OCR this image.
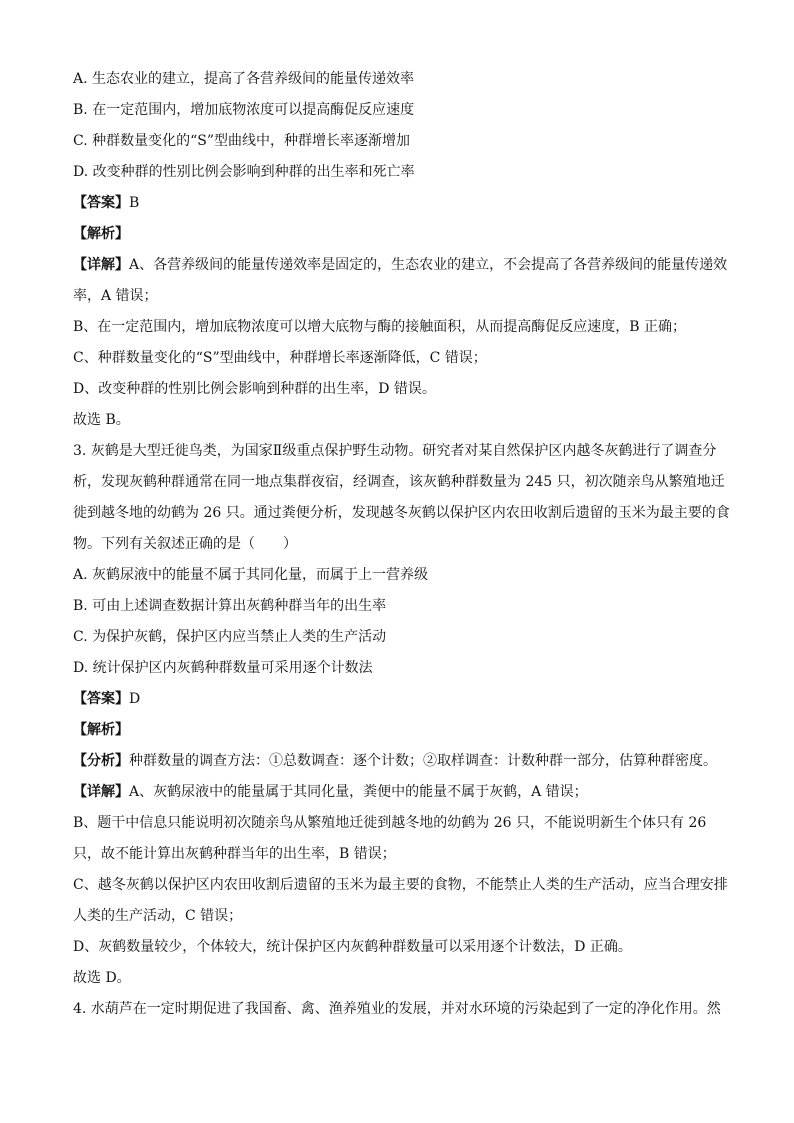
A. 生态农业的建立，提高了各营养级间的能量传递效率
B. 在一定范围内，增加底物浓度可以提高酶促反应速度
C. 种群数量变化的“S”型曲线中，种群增长率逐渐增加
D. 改变种群的性别比例会影响到种群的出生率和死亡率
【答案】B
【解析】
【详解】A、各营养级间的能量传递效率是固定的，生态农业的建立，不会提高了各营养级间的能量传递效率，A 错误；
B、在一定范围内，增加底物浓度可以增大底物与酶的接触面积，从而提高酶促反应速度，B 正确；
C、种群数量变化的“S”型曲线中，种群增长率逐渐降低，C 错误；
D、改变种群的性别比例会影响到种群的出生率，D 错误。
故选 B。
3. 灰鹤是大型迁徙鸟类，为国家Ⅱ级重点保护野生动物。研究者对某自然保护区内越冬灰鹤进行了调查分析，发现灰鹤种群通常在同一地点集群夜宿，经调查，该灰鹤种群数量为 245 只，初次随亲鸟从繁殖地迁徙到越冬地的幼鹤为 26 只。通过粪便分析，发现越冬灰鹤以保护区内农田收割后遗留的玉米为最主要的食物。下列有关叙述正确的是（　　）
A. 灰鹤尿液中的能量不属于其同化量，而属于上一营养级
B. 可由上述调查数据计算出灰鹤种群当年的出生率
C. 为保护灰鹤，保护区内应当禁止人类的生产活动
D. 统计保护区内灰鹤种群数量可采用逐个计数法
【答案】D
【解析】
【分析】种群数量的调查方法：①总数调查：逐个计数；②取样调查：计数种群一部分，估算种群密度。
【详解】A、灰鹤尿液中的能量属于其同化量，粪便中的能量不属于灰鹤，A 错误；
B、题干中信息只能说明初次随亲鸟从繁殖地迁徙到越冬地的幼鹤为 26 只，不能说明新生个体只有 26 只，故不能计算出灰鹤种群当年的出生率，B 错误；
C、越冬灰鹤以保护区内农田收割后遗留的玉米为最主要的食物，不能禁止人类的生产活动，应当合理安排人类的生产活动，C 错误；
D、灰鹤数量较少，个体较大，统计保护区内灰鹤种群数量可以采用逐个计数法，D 正确。
故选 D。
4. 水葫芦在一定时期促进了我国畜、禽、渔养殖业的发展，并对水环境的污染起到了一定的净化作用。然
